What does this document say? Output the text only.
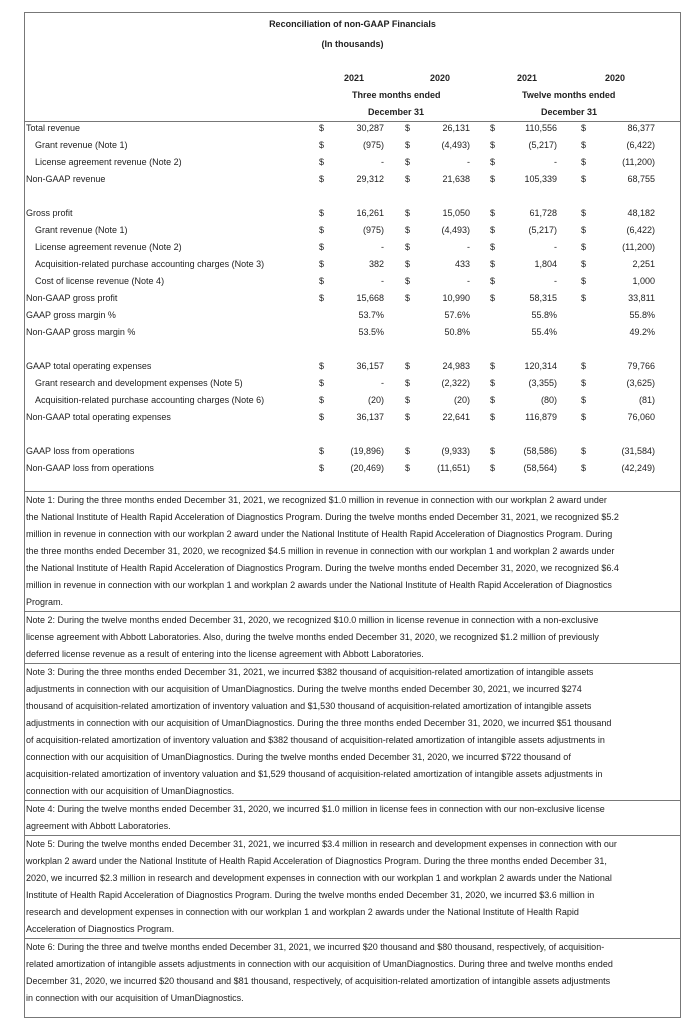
Reconciliation of non-GAAP Financials
(In thousands)
2021	2020	2021	2020
Three months ended	Twelve months ended
December 31	December 31
Total revenue	$	30,287 $	26,131 $	110,556	$	86,377
Grant revenue (Note 1)	$	(975) $	(4,493) $	(5,217)	$	(6,422)
License agreement revenue (Note 2)	$	- $	- $	-	$	(11,200)
Non-GAAP revenue	$	29,312 $	21,638 $	105,339	$	68,755
Gross profit	$	16,261 $	15,050 $	61,728	$	48,182
Grant revenue (Note 1)	$	(975) $	(4,493) $	(5,217)	$	(6,422)
License agreement revenue (Note 2)	$	- $	- $	-	$	(11,200)
Acquisition-related purchase accounting charges (Note 3)	$	382 $	433 $	1,804	$	2,251
Cost of license revenue (Note 4)	$	- $	- $	-	$	1,000
Non-GAAP gross profit	$	15,668 $	10,990 $	58,315	$	33,811
GAAP gross margin %	53.7%	57.6%	55.8%	55.8%
Non-GAAP gross margin %	53.5%	50.8%	55.4%	49.2%
GAAP total operating expenses	$	36,157 $	24,983 $	120,314	$	79,766
Grant research and development expenses (Note 5)	$	- $	(2,322) $	(3,355)	$	(3,625)
Acquisition-related purchase accounting charges (Note 6)	$	(20) $	(20) $	(80)	$	(81)
Non-GAAP total operating expenses	$	36,137 $	22,641 $	116,879	$	76,060
GAAP loss from operations	$	(19,896) $	(9,933) $	(58,586)	$	(31,584)
Non-GAAP loss from operations	$	(20,469) $	(11,651) $	(58,564)	$	(42,249)
Note 1: During the three months ended December 31, 2021, we recognized $1.0 million in revenue in connection with our workplan 2 award under
the National Institute of Health Rapid Acceleration of Diagnostics Program. During the twelve months ended December 31, 2021, we recognized $5.2
million in revenue in connection with our workplan 2 award under the National Institute of Health Rapid Acceleration of Diagnostics Program. During
the three months ended December 31, 2020, we recognized $4.5 million in revenue in connection with our workplan 1 and workplan 2 awards under
the National Institute of Health Rapid Acceleration of Diagnostics Program. During the twelve months ended December 31, 2020, we recognized $6.4
million in revenue in connection with our workplan 1 and workplan 2 awards under the National Institute of Health Rapid Acceleration of Diagnostics
Program.
Note 2: During the twelve months ended December 31, 2020, we recognized $10.0 million in license revenue in connection with a non-exclusive
license agreement with Abbott Laboratories. Also, during the twelve months ended December 31, 2020, we recognized $1.2 million of previously
deferred license revenue as a result of entering into the license agreement with Abbott Laboratories.
Note 3: During the three months ended December 31, 2021, we incurred $382 thousand of acquisition-related amortization of intangible assets
adjustments in connection with our acquisition of UmanDiagnostics. During the twelve months ended December 30, 2021, we incurred $274
thousand of acquisition-related amortization of inventory valuation and $1,530 thousand of acquisition-related amortization of intangible assets
adjustments in connection with our acquisition of UmanDiagnostics. During the three months ended December 31, 2020, we incurred $51 thousand
of acquisition-related amortization of inventory valuation and $382 thousand of acquisition-related amortization of intangible assets adjustments in
connection with our acquisition of UmanDiagnostics. During the twelve months ended December 31, 2020, we incurred $722 thousand of
acquisition-related amortization of inventory valuation and $1,529 thousand of acquisition-related amortization of intangible assets adjustments in
connection with our acquisition of UmanDiagnostics.
Note 4: During the twelve months ended December 31, 2020, we incurred $1.0 million in license fees in connection with our non-exclusive license
agreement with Abbott Laboratories.
Note 5: During the twelve months ended December 31, 2021, we incurred $3.4 million in research and development expenses in connection with our
workplan 2 award under the National Institute of Health Rapid Acceleration of Diagnostics Program. During the three months ended December 31,
2020, we incurred $2.3 million in research and development expenses in connection with our workplan 1 and workplan 2 awards under the National
Institute of Health Rapid Acceleration of Diagnostics Program. During the twelve months ended December 31, 2020, we incurred $3.6 million in
research and development expenses in connection with our workplan 1 and workplan 2 awards under the National Institute of Health Rapid
Acceleration of Diagnostics Program.
Note 6: During the three and twelve months ended December 31, 2021, we incurred $20 thousand and $80 thousand, respectively, of acquisition-
related amortization of intangible assets adjustments in connection with our acquisition of UmanDiagnostics. During three and twelve months ended
December 31, 2020, we incurred $20 thousand and $81 thousand, respectively, of acquisition-related amortization of intangible assets adjustments
in connection with our acquisition of UmanDiagnostics.
